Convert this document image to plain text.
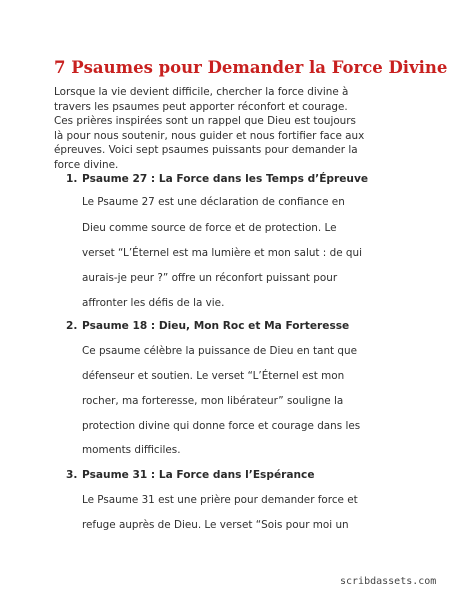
7 Psaumes pour Demander la Force Divine

Lorsque la vie devient difficile, chercher la force divine à
travers les psaumes peut apporter réconfort et courage.
Ces prières inspirées sont un rappel que Dieu est toujours
là pour nous soutenir, nous guider et nous fortifier face aux
épreuves. Voici sept psaumes puissants pour demander la
force divine.

1. Psaume 27 : La Force dans les Temps d’Épreuve
Le Psaume 27 est une déclaration de confiance en
Dieu comme source de force et de protection. Le
verset “L’Éternel est ma lumière et mon salut : de qui
aurais-je peur ?” offre un réconfort puissant pour
affronter les défis de la vie.
2. Psaume 18 : Dieu, Mon Roc et Ma Forteresse
Ce psaume célèbre la puissance de Dieu en tant que
défenseur et soutien. Le verset “L’Éternel est mon
rocher, ma forteresse, mon libérateur” souligne la
protection divine qui donne force et courage dans les
moments difficiles.
3. Psaume 31 : La Force dans l’Espérance
Le Psaume 31 est une prière pour demander force et
refuge auprès de Dieu. Le verset “Sois pour moi un
scribdassets.com
